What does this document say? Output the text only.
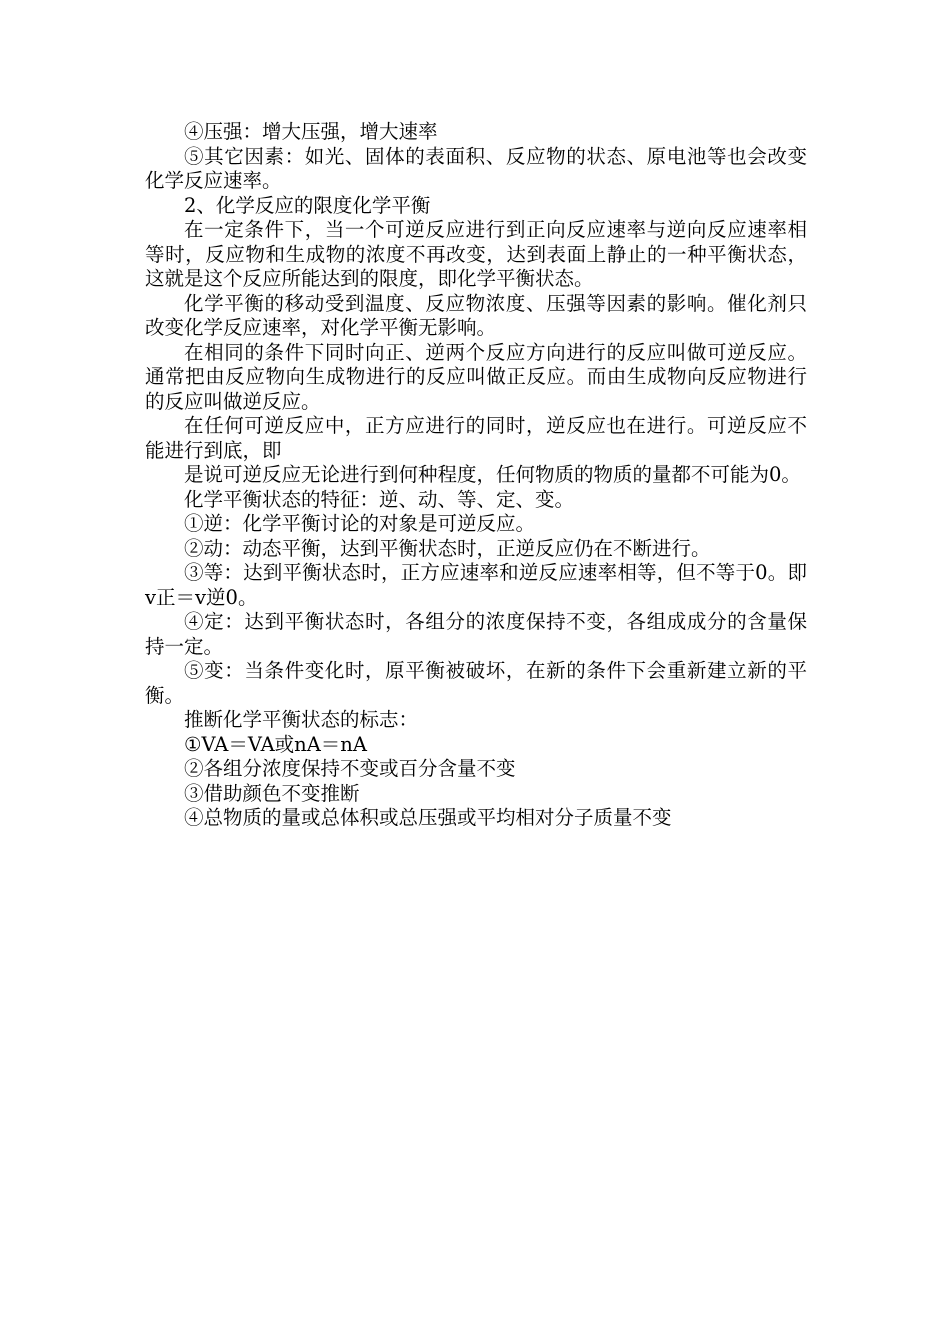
④压强：增大压强，增大速率

⑤其它因素：如光、固体的表面积、反应物的状态、原电池等也会改变化学反应速率。

2、化学反应的限度化学平衡

在一定条件下，当一个可逆反应进行到正向反应速率与逆向反应速率相等时，反应物和生成物的浓度不再改变，达到表面上静止的一种平衡状态，这就是这个反应所能达到的限度，即化学平衡状态。

化学平衡的移动受到温度、反应物浓度、压强等因素的影响。催化剂只改变化学反应速率，对化学平衡无影响。

在相同的条件下同时向正、逆两个反应方向进行的反应叫做可逆反应。通常把由反应物向生成物进行的反应叫做正反应。而由生成物向反应物进行的反应叫做逆反应。

在任何可逆反应中，正方应进行的同时，逆反应也在进行。可逆反应不能进行到底，即

是说可逆反应无论进行到何种程度，任何物质的物质的量都不可能为0。

化学平衡状态的特征：逆、动、等、定、变。

①逆：化学平衡讨论的对象是可逆反应。

②动：动态平衡，达到平衡状态时，正逆反应仍在不断进行。

③等：达到平衡状态时，正方应速率和逆反应速率相等，但不等于0。即v正＝v逆0。

④定：达到平衡状态时，各组分的浓度保持不变，各组成成分的含量保持一定。

⑤变：当条件变化时，原平衡被破坏，在新的条件下会重新建立新的平衡。

推断化学平衡状态的标志：

①VA＝VA或nA＝nA

②各组分浓度保持不变或百分含量不变

③借助颜色不变推断

④总物质的量或总体积或总压强或平均相对分子质量不变
